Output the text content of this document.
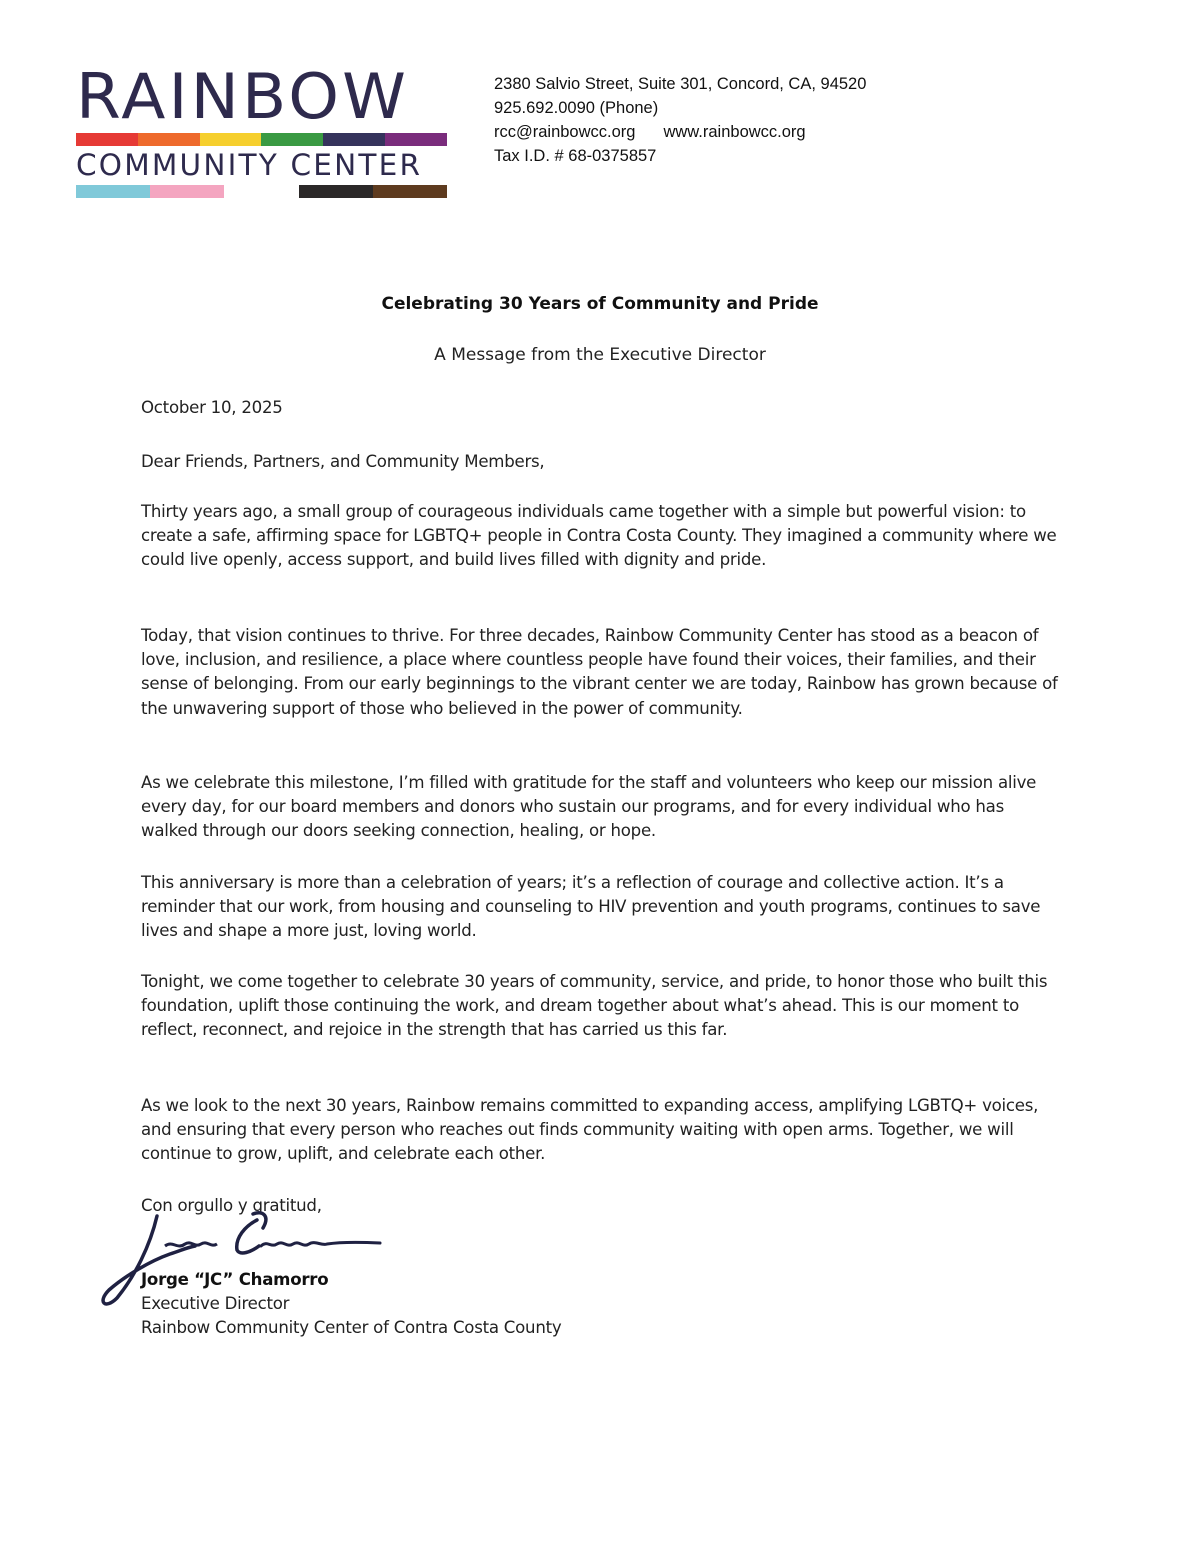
RAINBOW
COMMUNITY CENTER
2380 Salvio Street, Suite 301, Concord, CA, 94520
925.692.0090 (Phone)
rcc@rainbowcc.org www.rainbowcc.org
Tax I.D. # 68-0375857
Celebrating 30 Years of Community and Pride
A Message from the Executive Director
October 10, 2025
Dear Friends, Partners, and Community Members,

Thirty years ago, a small group of courageous individuals came together with a simple but powerful vision: to create a safe, affirming space for LGBTQ+ people in Contra Costa County. They imagined a community where we could live openly, access support, and build lives filled with dignity and pride.

Today, that vision continues to thrive. For three decades, Rainbow Community Center has stood as a beacon of love, inclusion, and resilience, a place where countless people have found their voices, their families, and their sense of belonging. From our early beginnings to the vibrant center we are today, Rainbow has grown because of the unwavering support of those who believed in the power of community.

As we celebrate this milestone, I’m filled with gratitude for the staff and volunteers who keep our mission alive every day, for our board members and donors who sustain our programs, and for every individual who has walked through our doors seeking connection, healing, or hope.

This anniversary is more than a celebration of years; it’s a reflection of courage and collective action. It’s a reminder that our work, from housing and counseling to HIV prevention and youth programs, continues to save lives and shape a more just, loving world.

Tonight, we come together to celebrate 30 years of community, service, and pride, to honor those who built this foundation, uplift those continuing the work, and dream together about what’s ahead. This is our moment to reflect, reconnect, and rejoice in the strength that has carried us this far.

As we look to the next 30 years, Rainbow remains committed to expanding access, amplifying LGBTQ+ voices, and ensuring that every person who reaches out finds community waiting with open arms. Together, we will continue to grow, uplift, and celebrate each other.

Con orgullo y gratitud,
Jorge “JC” Chamorro
Executive Director
Rainbow Community Center of Contra Costa County
